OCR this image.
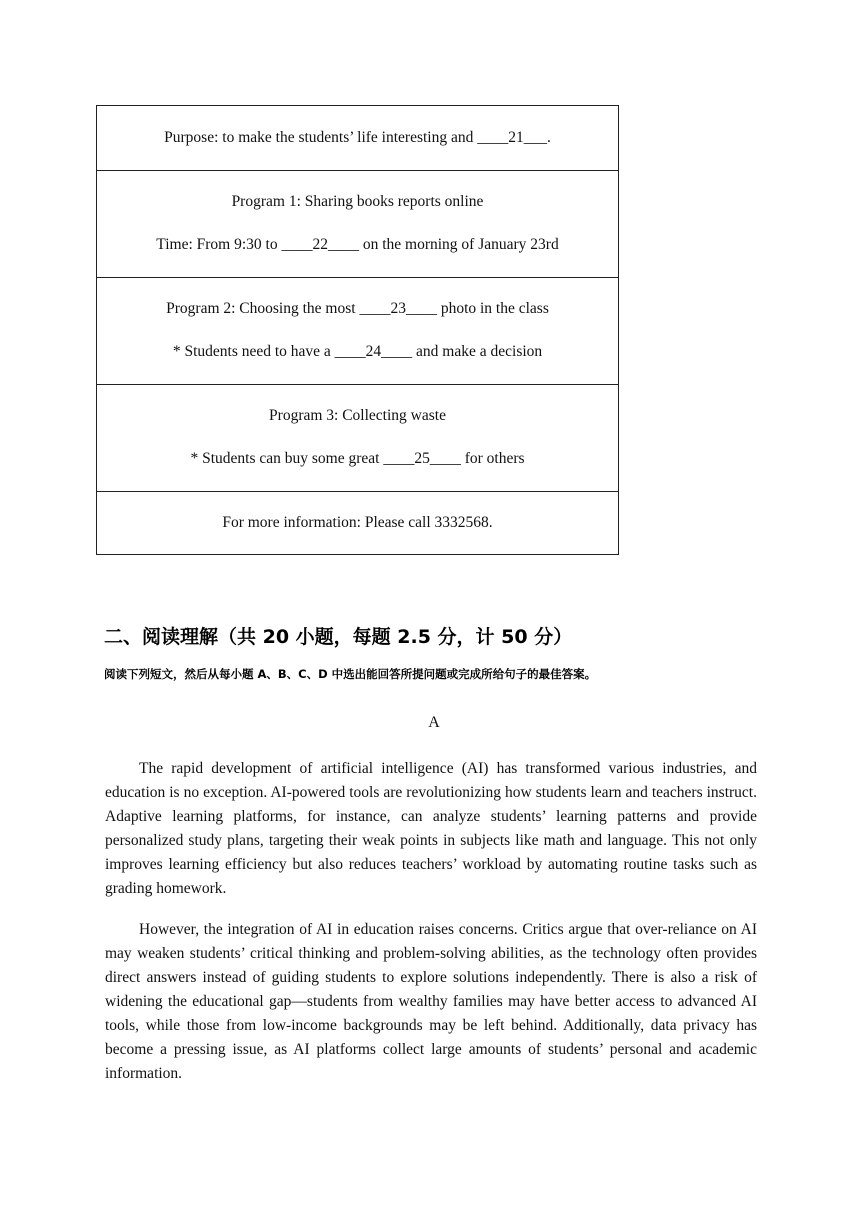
Purpose: to make the students’ life interesting and ____21___.
Program 1: Sharing books reports online
Time: From 9:30 to ____22____ on the morning of January 23rd
Program 2: Choosing the most ____23____ photo in the class
* Students need to have a ____24____ and make a decision
Program 3: Collecting waste
* Students can buy some great ____25____ for others
For more information: Please call 3332568.
二、阅读理解（共 20 小题，每题 2.5 分，计 50 分）
阅读下列短文，然后从每小题 A、B、C、D 中选出能回答所提问题或完成所给句子的最佳答案。
A

The rapid development of artificial intelligence (AI) has transformed various industries, and education is no exception. AI-powered tools are revolutionizing how students learn and teachers instruct. Adaptive learning platforms, for instance, can analyze students’ learning patterns and provide personalized study plans, targeting their weak points in subjects like math and language. This not only improves learning efficiency but also reduces teachers’ workload by automating routine tasks such as grading homework.

However, the integration of AI in education raises concerns. Critics argue that over-reliance on AI may weaken students’ critical thinking and problem-solving abilities, as the technology often provides direct answers instead of guiding students to explore solutions independently. There is also a risk of widening the educational gap—students from wealthy families may have better access to advanced AI tools, while those from low-income backgrounds may be left behind. Additionally, data privacy has become a pressing issue, as AI platforms collect large amounts of students’ personal and academic information.
